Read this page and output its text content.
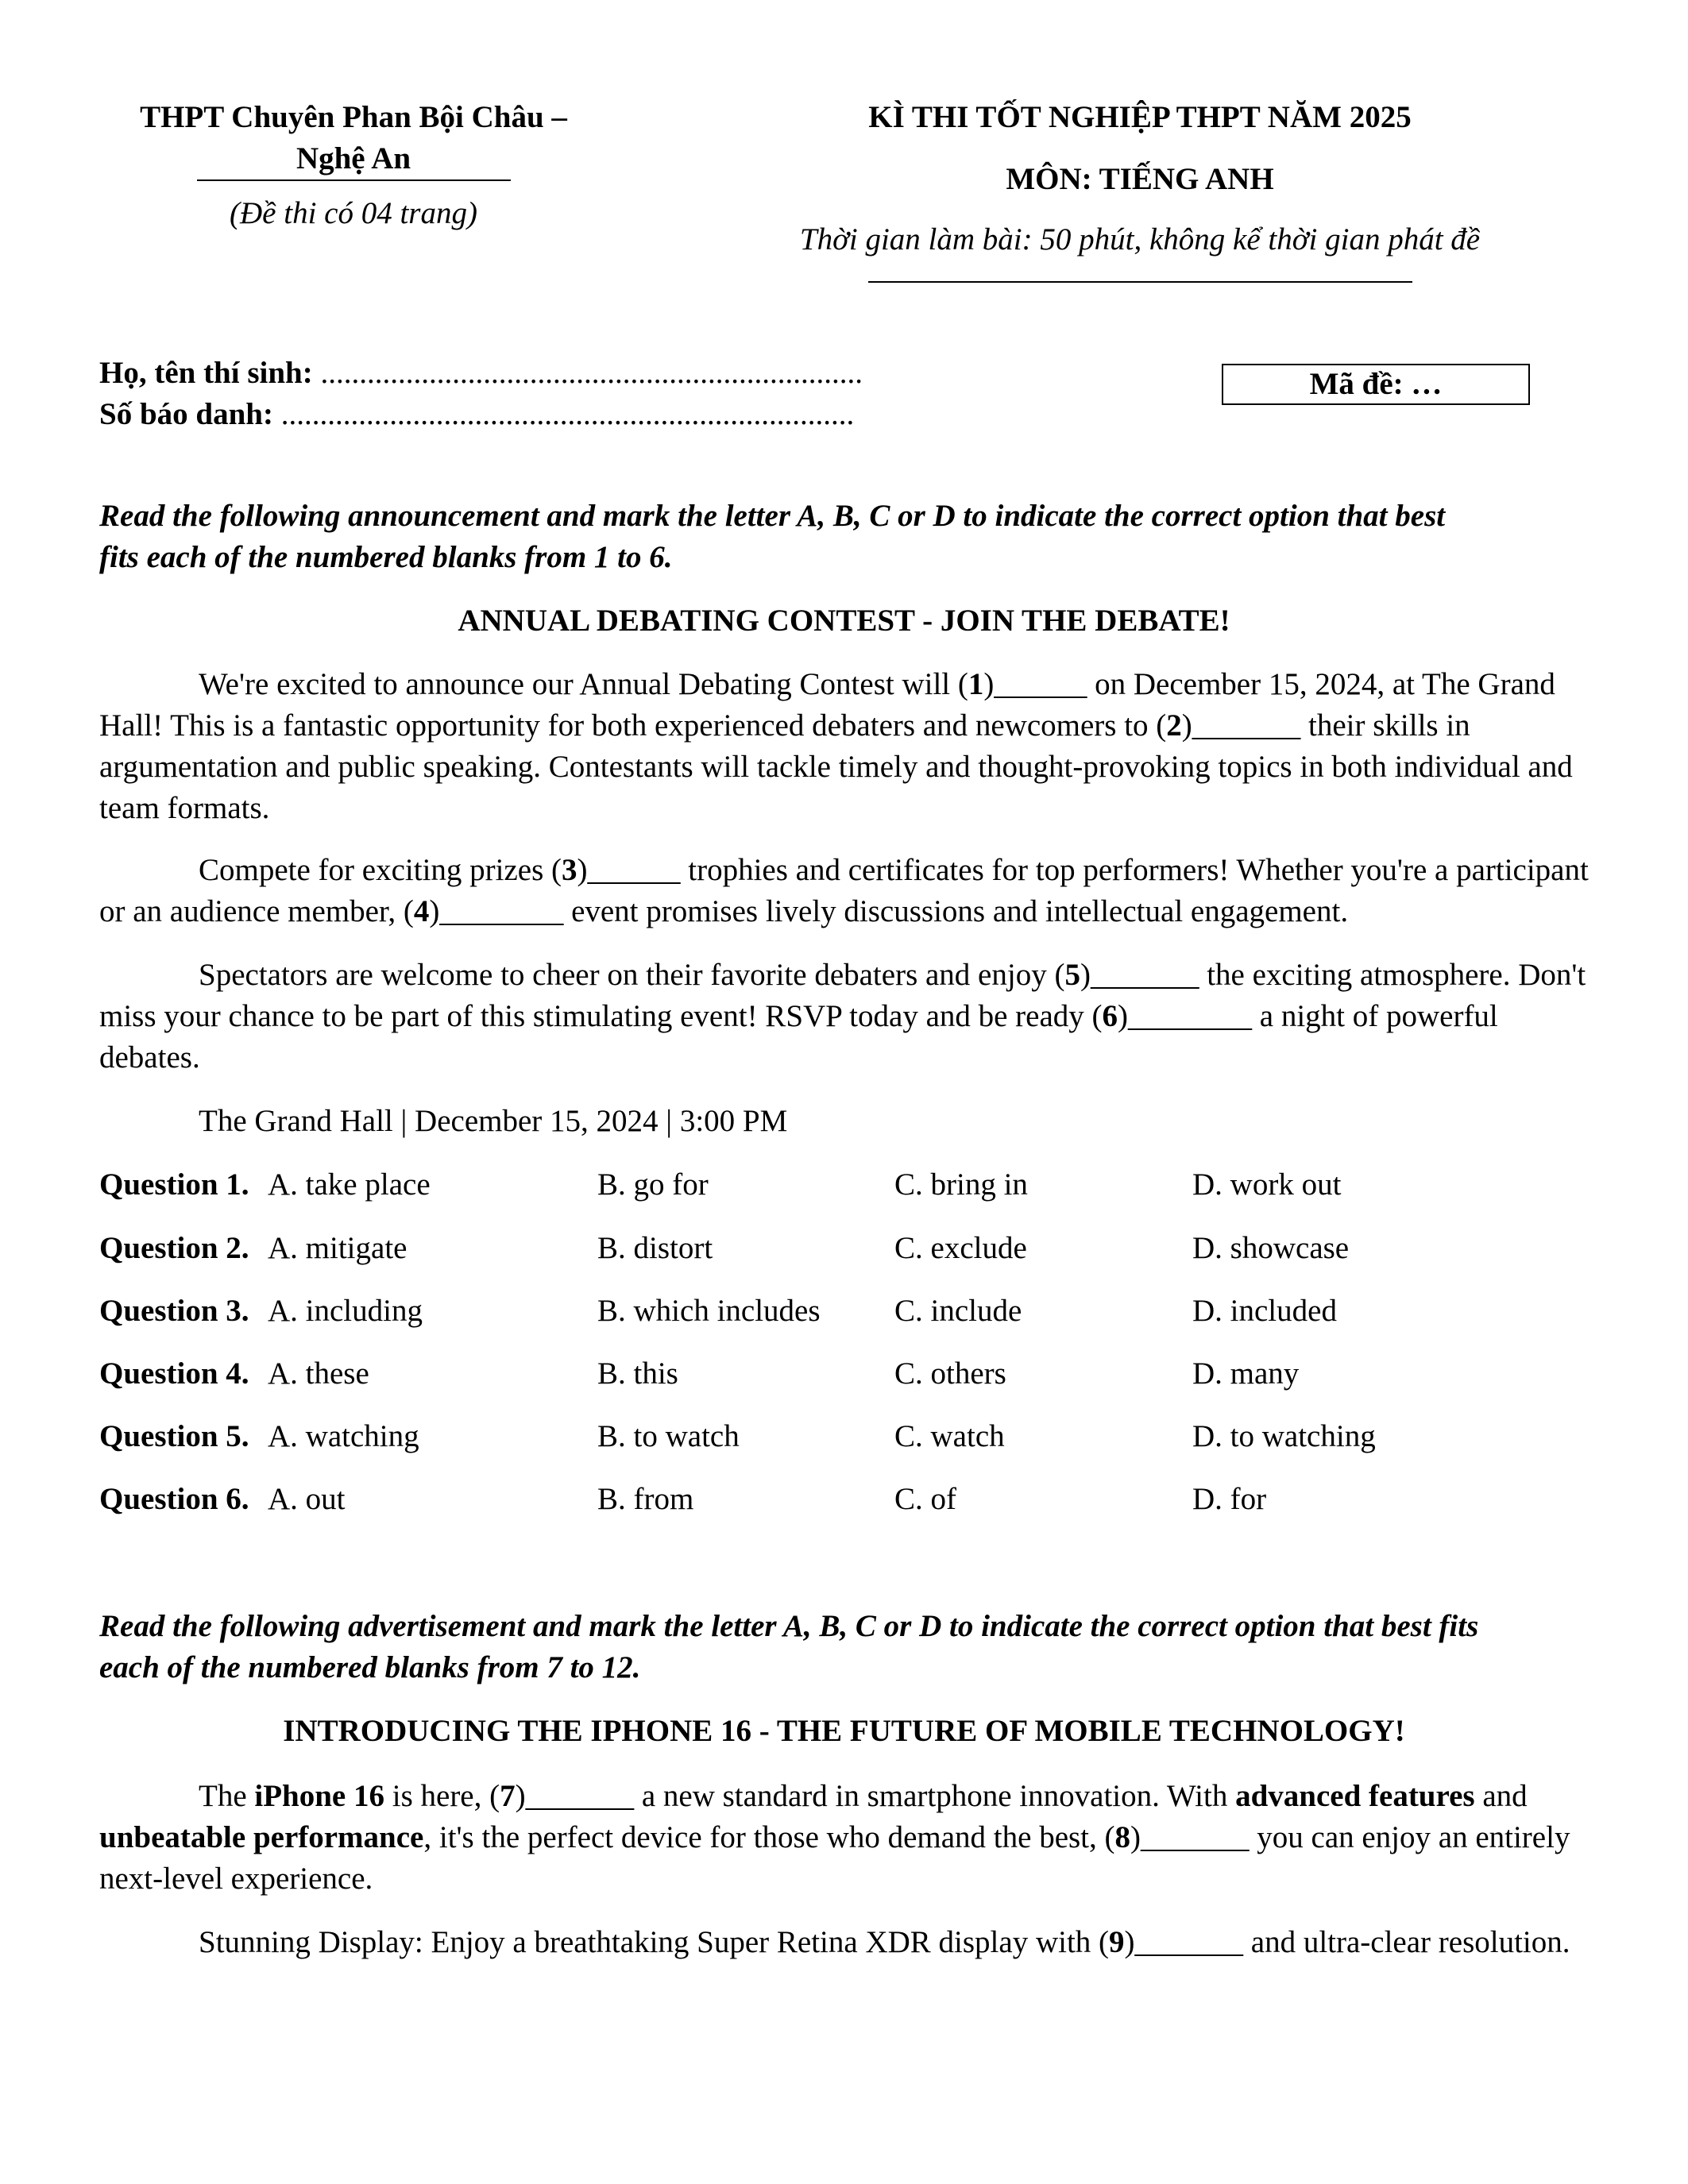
THPT Chuyên Phan Bội Châu –
Nghệ An
(Đề thi có 04 trang)
KÌ THI TỐT NGHIỆP THPT NĂM 2025
MÔN: TIẾNG ANH
Thời gian làm bài: 50 phút, không kể thời gian phát đề
Họ, tên thí sinh: ......................................................................
Số báo danh: ..........................................................................
Mã đề: …
Read the following announcement and mark the letter A, B, C or D to indicate the correct option that best
fits each of the numbered blanks from 1 to 6.
ANNUAL DEBATING CONTEST - JOIN THE DEBATE!
We're excited to announce our Annual Debating Contest will (1)______ on December 15, 2024, at The Grand Hall! This is a fantastic opportunity for both experienced debaters and newcomers to (2)_______ their skills in argumentation and public speaking. Contestants will tackle timely and thought-provoking topics in both individual and team formats.
Compete for exciting prizes (3)______ trophies and certificates for top performers! Whether you're a participant or an audience member, (4)________ event promises lively discussions and intellectual engagement.
Spectators are welcome to cheer on their favorite debaters and enjoy (5)_______ the exciting atmosphere. Don't miss your chance to be part of this stimulating event! RSVP today and be ready (6)________ a night of powerful debates.
The Grand Hall | December 15, 2024 | 3:00 PM
Question 1. A. take place	B. go for	C. bring in	D. work out
Question 2. A. mitigate	B. distort	C. exclude	D. showcase
Question 3. A. including	B. which includes C. include	D. included
Question 4. A. these	B. this	C. others	D. many
Question 5. A. watching	B. to watch	C. watch	D. to watching
Question 6. A. out	B. from	C. of	D. for
Read the following advertisement and mark the letter A, B, C or D to indicate the correct option that best fits
each of the numbered blanks from 7 to 12.
INTRODUCING THE IPHONE 16 - THE FUTURE OF MOBILE TECHNOLOGY!
The iPhone 16 is here, (7)_______ a new standard in smartphone innovation. With advanced features and unbeatable performance, it's the perfect device for those who demand the best, (8)_______ you can enjoy an entirely next-level experience.
Stunning Display: Enjoy a breathtaking Super Retina XDR display with (9)_______ and ultra-clear resolution.
